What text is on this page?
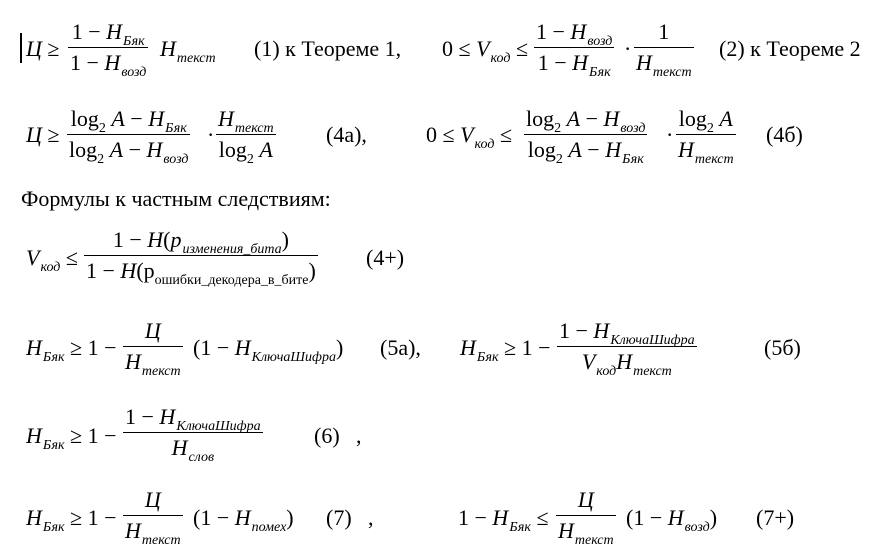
Ц ≥
$1 - H_{Бяк}$
$1 - H_{возд}$
$H_{текст}$ (1) к Теореме 1, $0 \le V_{код}$ ≤
$1 - H_{возд}$
$1 - H_{Бяк}$
·
1
$H_{текст}$
(2) к Теореме 2
Ц ≥
$\log_2 A - H_{Бяк}$
$\log_2 A - H_{возд}$
·
$H_{текст}$
$\log_2 A$
(4а),	$0 \le V_{код}$ ≤
$\log_2 A - H_{возд}$
$\log_2 A - H_{Бяк}$
·
$\log_2 A$
$H_{текст}$
(4б)
Формулы к частным следствиям:
$V_{код}$ ≤
$1 - H(p_{изменения\_бита})$
$1 - H(р_{ошибки\_декодера\_в\_бите})$
(4+)
$H_{Бяк} \ge 1$ −
Ц
$H_{текст}$
$(1 - H_{КлючаШифра})$ (5а), $H_{Бяк} \ge 1$ −
$1 - H_{КлючаШифра}$
$V_{код}H_{текст}$
(5б)
$H_{Бяк} \ge 1$ −
$1 - H_{КлючаШифра}$
$H_{слов}$
(6) ,
$H_{Бяк} \ge 1$ −
Ц
$H_{текст}$
$(1 - H_{помех})$ (7) ,	$1 - H_{Бяк}$ ≤
Ц
$H_{текст}$
$(1 - H_{возд})$ (7+)
